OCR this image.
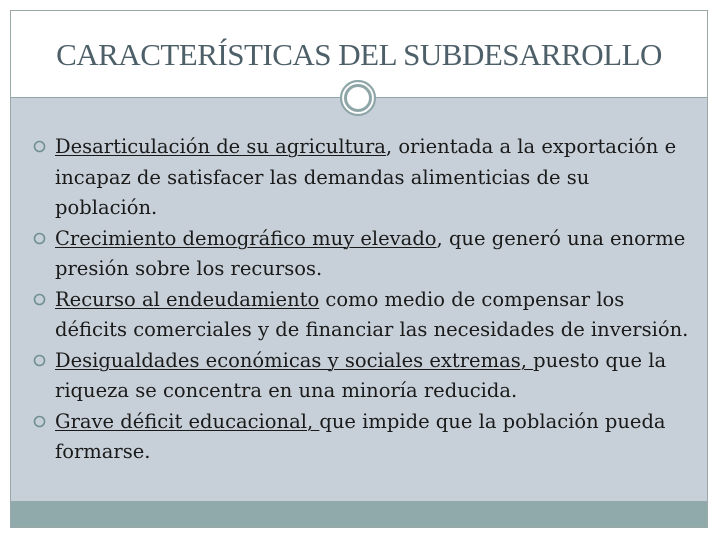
CARACTERÍSTICAS DEL SUBDESARROLLO
Desarticulación de su agricultura, orientada a la exportación e incapaz de satisfacer las demandas alimenticias de su población.
Crecimiento demográfico muy elevado, que generó una enorme presión sobre los recursos.
Recurso al endeudamiento como medio de compensar los déficits comerciales y de financiar las necesidades de inversión.
Desigualdades económicas y sociales extremas, puesto que la riqueza se concentra en una minoría reducida.
Grave déficit educacional, que impide que la población pueda formarse.
